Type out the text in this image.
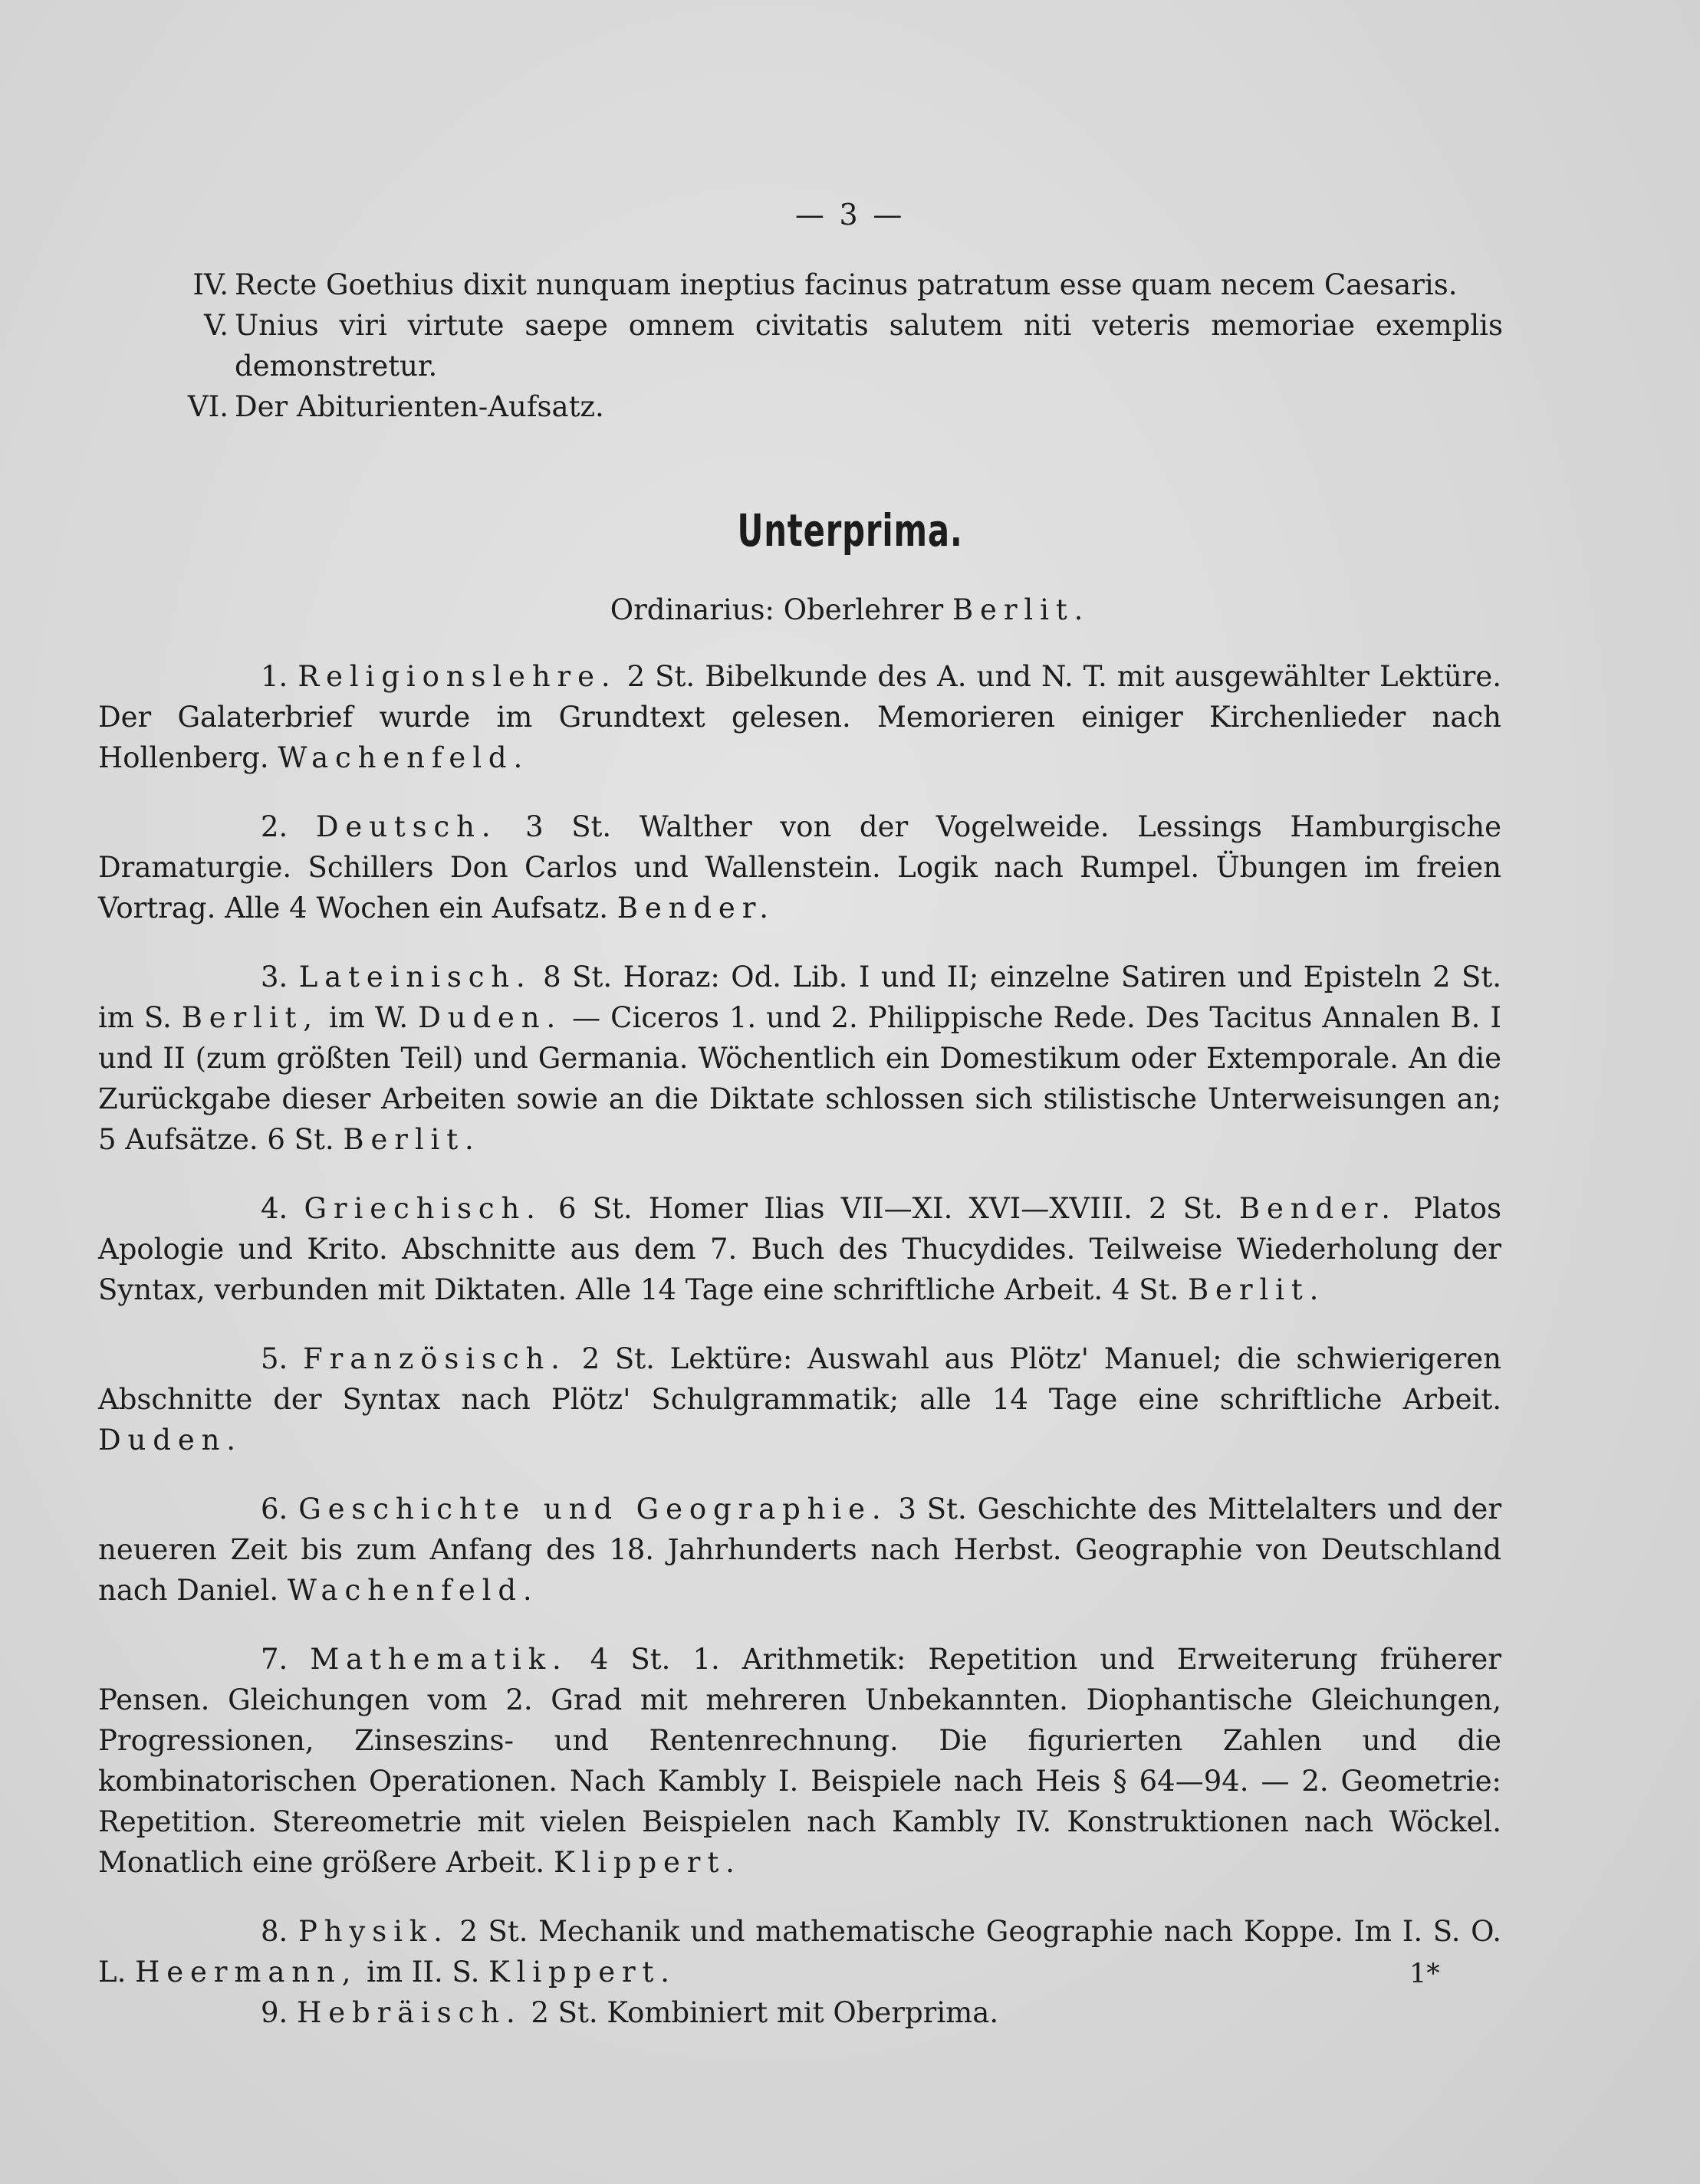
— 3 —
IV. Recte Goethius dixit nunquam ineptius facinus patratum esse quam necem Caesaris.
V. Unius viri virtute saepe omnem civitatis salutem niti veteris memoriae exemplis demonstretur.
VI. Der Abiturienten-Aufsatz.
Unterprima.
Ordinarius: Oberlehrer Berlit.

1. Religionslehre. 2 St. Bibelkunde des A. und N. T. mit ausgewählter Lektüre. Der Galaterbrief wurde im Grundtext gelesen. Memorieren einiger Kirchenlieder nach Hollenberg. Wachenfeld.

2. Deutsch. 3 St. Walther von der Vogelweide. Lessings Hamburgische Dramaturgie. Schillers Don Carlos und Wallenstein. Logik nach Rumpel. Übungen im freien Vortrag. Alle 4 Wochen ein Aufsatz. Bender.

3. Lateinisch. 8 St. Horaz: Od. Lib. I und II; einzelne Satiren und Episteln 2 St. im S. Berlit, im W. Duden. — Ciceros 1. und 2. Philippische Rede. Des Tacitus Annalen B. I und II (zum größten Teil) und Germania. Wöchentlich ein Domestikum oder Extemporale. An die Zurückgabe dieser Arbeiten sowie an die Diktate schlossen sich stilistische Unterweisungen an; 5 Aufsätze. 6 St. Berlit.

4. Griechisch. 6 St. Homer Ilias VII—XI. XVI—XVIII. 2 St. Bender. Platos Apologie und Krito. Abschnitte aus dem 7. Buch des Thucydides. Teilweise Wiederholung der Syntax, verbunden mit Diktaten. Alle 14 Tage eine schriftliche Arbeit. 4 St. Berlit.

5. Französisch. 2 St. Lektüre: Auswahl aus Plötz' Manuel; die schwierigeren Abschnitte der Syntax nach Plötz' Schulgrammatik; alle 14 Tage eine schriftliche Arbeit. Duden.

6. Geschichte und Geographie. 3 St. Geschichte des Mittelalters und der neueren Zeit bis zum Anfang des 18. Jahrhunderts nach Herbst. Geographie von Deutschland nach Daniel. Wachenfeld.

7. Mathematik. 4 St. 1. Arithmetik: Repetition und Erweiterung früherer Pensen. Gleichungen vom 2. Grad mit mehreren Unbekannten. Diophantische Gleichungen, Progressionen, Zinseszins- und Rentenrechnung. Die figurierten Zahlen und die kombinatorischen Operationen. Nach Kambly I. Beispiele nach Heis § 64—94. — 2. Geometrie: Repetition. Stereometrie mit vielen Beispielen nach Kambly IV. Konstruktionen nach Wöckel. Monatlich eine größere Arbeit. Klippert.

8. Physik. 2 St. Mechanik und mathematische Geographie nach Koppe. Im I. S. O. L. Heermann, im II. S. Klippert.

9. Hebräisch. 2 St. Kombiniert mit Oberprima.

1*
